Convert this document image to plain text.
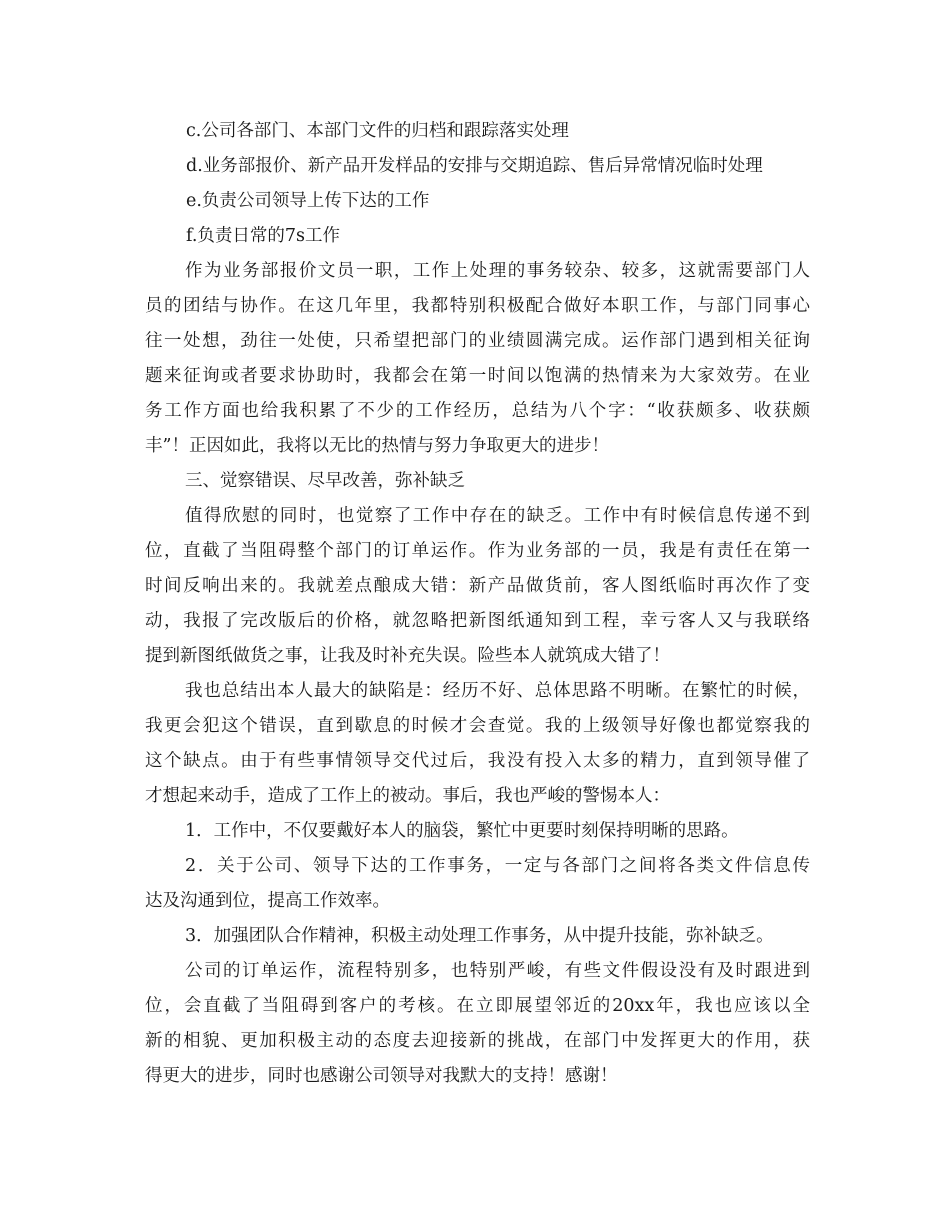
c.公司各部门、本部门文件的归档和跟踪落实处理

d.业务部报价、新产品开发样品的安排与交期追踪、售后异常情况临时处理

e.负责公司领导上传下达的工作

f.负责日常的7s工作

作为业务部报价文员一职，工作上处理的事务较杂、较多，这就需要部门人

员的团结与协作。在这几年里，我都特别积极配合做好本职工作，与部门同事心

往一处想，劲往一处使，只希望把部门的业绩圆满完成。运作部门遇到相关征询

题来征询或者要求协助时，我都会在第一时间以饱满的热情来为大家效劳。在业

务工作方面也给我积累了不少的工作经历，总结为八个字：“收获颇多、收获颇

丰”！正因如此，我将以无比的热情与努力争取更大的进步！

三、觉察错误、尽早改善，弥补缺乏

值得欣慰的同时，也觉察了工作中存在的缺乏。工作中有时候信息传递不到

位，直截了当阻碍整个部门的订单运作。作为业务部的一员，我是有责任在第一

时间反响出来的。我就差点酿成大错：新产品做货前，客人图纸临时再次作了变

动，我报了完改版后的价格，就忽略把新图纸通知到工程，幸亏客人又与我联络

提到新图纸做货之事，让我及时补充失误。险些本人就筑成大错了！

我也总结出本人最大的缺陷是：经历不好、总体思路不明晰。在繁忙的时候，

我更会犯这个错误，直到歇息的时候才会查觉。我的上级领导好像也都觉察我的

这个缺点。由于有些事情领导交代过后，我没有投入太多的精力，直到领导催了

才想起来动手，造成了工作上的被动。事后，我也严峻的警惕本人：

1．工作中，不仅要戴好本人的脑袋，繁忙中更要时刻保持明晰的思路。

2．关于公司、领导下达的工作事务，一定与各部门之间将各类文件信息传

达及沟通到位，提高工作效率。

3．加强团队合作精神，积极主动处理工作事务，从中提升技能，弥补缺乏。

公司的订单运作，流程特别多，也特别严峻，有些文件假设没有及时跟进到

位，会直截了当阻碍到客户的考核。在立即展望邻近的20xx年，我也应该以全

新的相貌、更加积极主动的态度去迎接新的挑战，在部门中发挥更大的作用，获

得更大的进步，同时也感谢公司领导对我默大的支持！感谢！
